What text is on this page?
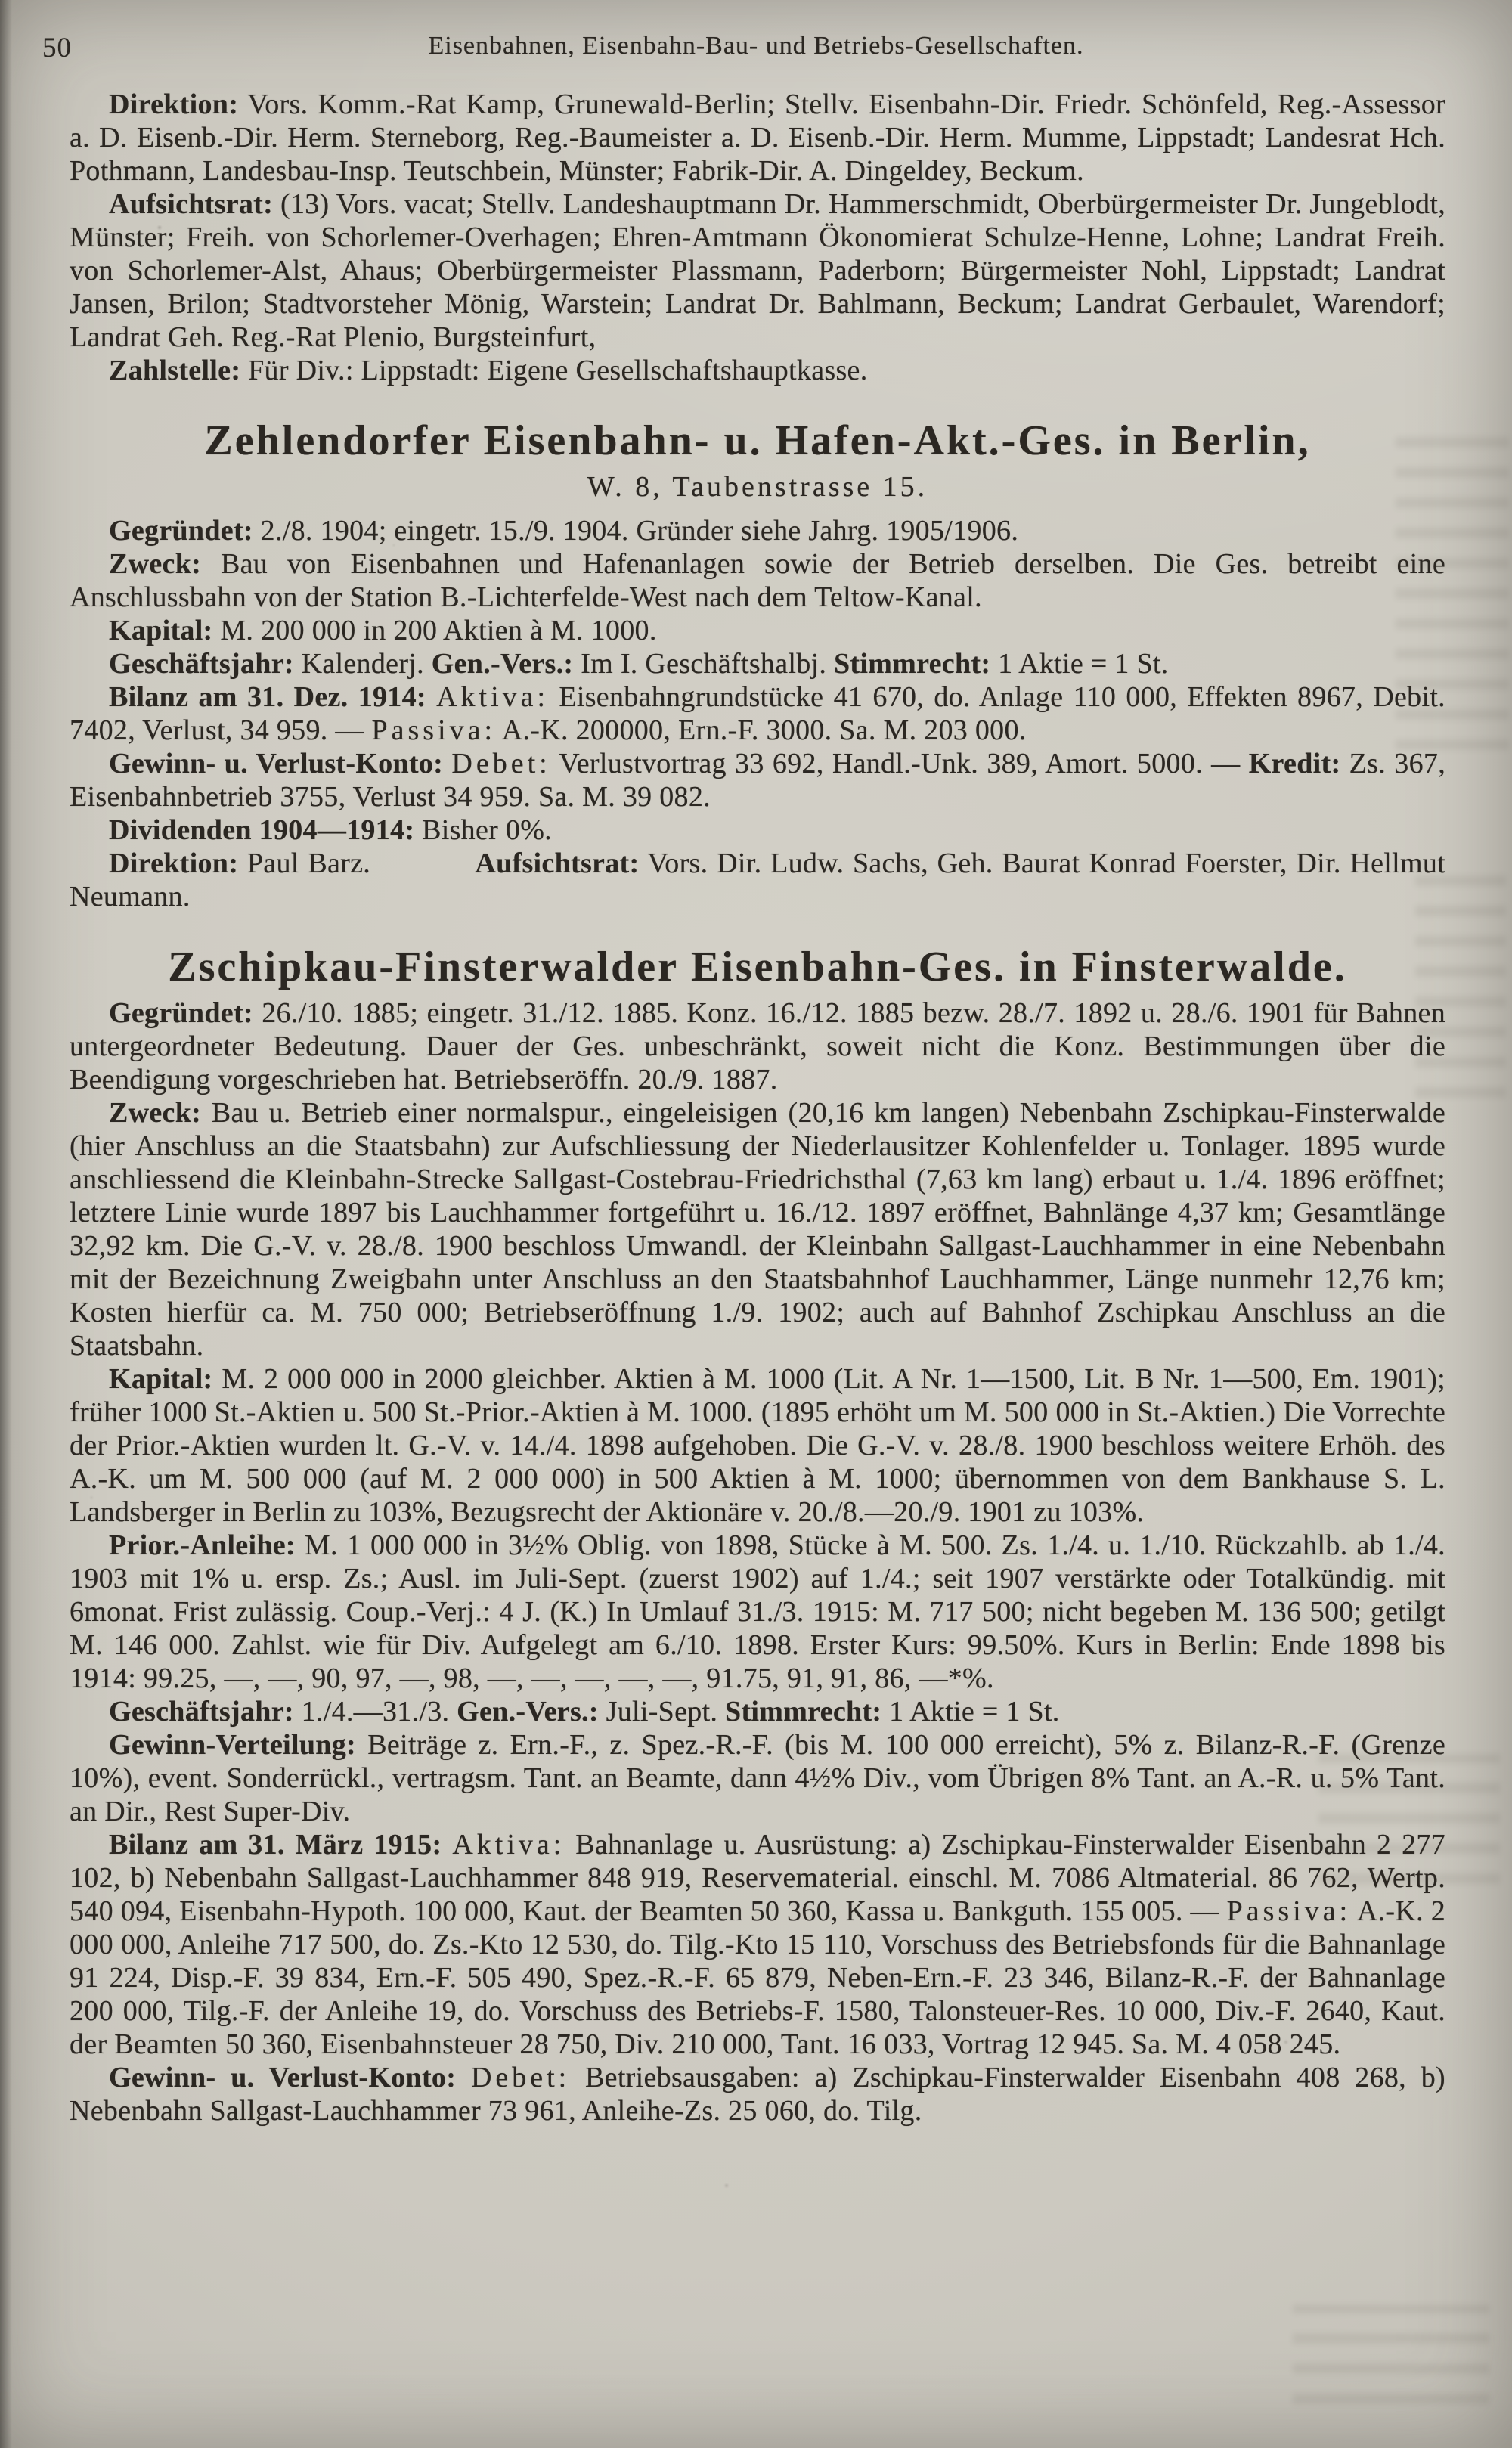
50	Eisenbahnen, Eisenbahn-Bau- und Betriebs-Gesellschaften.

Direktion: Vors. Komm.-Rat Kamp, Grunewald-Berlin; Stellv. Eisenbahn-Dir. Friedr. Schönfeld, Reg.-Assessor a. D. Eisenb.-Dir. Herm. Sterneborg, Reg.-Baumeister a. D. Eisenb.-Dir. Herm. Mumme, Lippstadt; Landesrat Hch. Pothmann, Landesbau-Insp. Teutschbein, Münster; Fabrik-Dir. A. Dingeldey, Beckum.

Aufsichtsrat: (13) Vors. vacat; Stellv. Landeshauptmann Dr. Hammerschmidt, Oberbürgermeister Dr. Jungeblodt, Münster; Freih. von Schorlemer-Overhagen; Ehren-Amtmann Ökonomierat Schulze-Henne, Lohne; Landrat Freih. von Schorlemer-Alst, Ahaus; Oberbürgermeister Plassmann, Paderborn; Bürgermeister Nohl, Lippstadt; Landrat Jansen, Brilon; Stadtvorsteher Mönig, Warstein; Landrat Dr. Bahlmann, Beckum; Landrat Gerbaulet, Warendorf; Landrat Geh. Reg.-Rat Plenio, Burgsteinfurt,

Zahlstelle: Für Div.: Lippstadt: Eigene Gesellschaftshauptkasse.

Zehlendorfer Eisenbahn- u. Hafen-Akt.-Ges. in Berlin,
W. 8, Taubenstrasse 15.

Gegründet: 2./8. 1904; eingetr. 15./9. 1904. Gründer siehe Jahrg. 1905/1906.

Zweck: Bau von Eisenbahnen und Hafenanlagen sowie der Betrieb derselben. Die Ges. betreibt eine Anschlussbahn von der Station B.-Lichterfelde-West nach dem Teltow-Kanal.

Kapital: M. 200 000 in 200 Aktien à M. 1000.

Geschäftsjahr: Kalenderj. Gen.-Vers.: Im I. Geschäftshalbj. Stimmrecht: 1 Aktie = 1 St.

Bilanz am 31. Dez. 1914: Aktiva: Eisenbahngrundstücke 41 670, do. Anlage 110 000, Effekten 8967, Debit. 7402, Verlust, 34 959. — Passiva: A.-K. 200000, Ern.-F. 3000. Sa. M. 203 000.

Gewinn- u. Verlust-Konto: Debet: Verlustvortrag 33 692, Handl.-Unk. 389, Amort. 5000. — Kredit: Zs. 367, Eisenbahnbetrieb 3755, Verlust 34 959. Sa. M. 39 082.

Dividenden 1904—1914: Bisher 0%.

Direktion: Paul Barz.     Aufsichtsrat: Vors. Dir. Ludw. Sachs, Geh. Baurat Konrad Foerster, Dir. Hellmut Neumann.

Zschipkau-Finsterwalder Eisenbahn-Ges. in Finsterwalde.

Gegründet: 26./10. 1885; eingetr. 31./12. 1885. Konz. 16./12. 1885 bezw. 28./7. 1892 u. 28./6. 1901 für Bahnen untergeordneter Bedeutung. Dauer der Ges. unbeschränkt, soweit nicht die Konz. Bestimmungen über die Beendigung vorgeschrieben hat. Betriebseröffn. 20./9. 1887.

Zweck: Bau u. Betrieb einer normalspur., eingeleisigen (20,16 km langen) Nebenbahn Zschipkau-Finsterwalde (hier Anschluss an die Staatsbahn) zur Aufschliessung der Niederlausitzer Kohlenfelder u. Tonlager. 1895 wurde anschliessend die Kleinbahn-Strecke Sallgast-Costebrau-Friedrichsthal (7,63 km lang) erbaut u. 1./4. 1896 eröffnet; letztere Linie wurde 1897 bis Lauchhammer fortgeführt u. 16./12. 1897 eröffnet, Bahnlänge 4,37 km; Gesamtlänge 32,92 km. Die G.-V. v. 28./8. 1900 beschloss Umwandl. der Kleinbahn Sallgast-Lauchhammer in eine Nebenbahn mit der Bezeichnung Zweigbahn unter Anschluss an den Staatsbahnhof Lauchhammer, Länge nunmehr 12,76 km; Kosten hierfür ca. M. 750 000; Betriebseröffnung 1./9. 1902; auch auf Bahnhof Zschipkau Anschluss an die Staatsbahn.

Kapital: M. 2 000 000 in 2000 gleichber. Aktien à M. 1000 (Lit. A Nr. 1—1500, Lit. B Nr. 1—500, Em. 1901); früher 1000 St.-Aktien u. 500 St.-Prior.-Aktien à M. 1000. (1895 erhöht um M. 500 000 in St.-Aktien.) Die Vorrechte der Prior.-Aktien wurden lt. G.-V. v. 14./4. 1898 aufgehoben. Die G.-V. v. 28./8. 1900 beschloss weitere Erhöh. des A.-K. um M. 500 000 (auf M. 2 000 000) in 500 Aktien à M. 1000; übernommen von dem Bankhause S. L. Landsberger in Berlin zu 103%, Bezugsrecht der Aktionäre v. 20./8.—20./9. 1901 zu 103%.

Prior.-Anleihe: M. 1 000 000 in 3½% Oblig. von 1898, Stücke à M. 500. Zs. 1./4. u. 1./10. Rückzahlb. ab 1./4. 1903 mit 1% u. ersp. Zs.; Ausl. im Juli-Sept. (zuerst 1902) auf 1./4.; seit 1907 verstärkte oder Totalkündig. mit 6monat. Frist zulässig. Coup.-Verj.: 4 J. (K.) In Umlauf 31./3. 1915: M. 717 500; nicht begeben M. 136 500; getilgt M. 146 000. Zahlst. wie für Div. Aufgelegt am 6./10. 1898. Erster Kurs: 99.50%. Kurs in Berlin: Ende 1898 bis 1914: 99.25, —, —, 90, 97, —, 98, —, —, —, —, —, 91.75, 91, 91, 86, —*%.

Geschäftsjahr: 1./4.—31./3. Gen.-Vers.: Juli-Sept. Stimmrecht: 1 Aktie = 1 St.

Gewinn-Verteilung: Beiträge z. Ern.-F., z. Spez.-R.-F. (bis M. 100 000 erreicht), 5% z. Bilanz-R.-F. (Grenze 10%), event. Sonderrückl., vertragsm. Tant. an Beamte, dann 4½% Div., vom Übrigen 8% Tant. an A.-R. u. 5% Tant. an Dir., Rest Super-Div.

Bilanz am 31. März 1915: Aktiva: Bahnanlage u. Ausrüstung: a) Zschipkau-Finsterwalder Eisenbahn 2 277 102, b) Nebenbahn Sallgast-Lauchhammer 848 919, Reservematerial. einschl. M. 7086 Altmaterial. 86 762, Wertp. 540 094, Eisenbahn-Hypoth. 100 000, Kaut. der Beamten 50 360, Kassa u. Bankguth. 155 005. — Passiva: A.-K. 2 000 000, Anleihe 717 500, do. Zs.-Kto 12 530, do. Tilg.-Kto 15 110, Vorschuss des Betriebsfonds für die Bahnanlage 91 224, Disp.-F. 39 834, Ern.-F. 505 490, Spez.-R.-F. 65 879, Neben-Ern.-F. 23 346, Bilanz-R.-F. der Bahnanlage 200 000, Tilg.-F. der Anleihe 19, do. Vorschuss des Betriebs-F. 1580, Talonsteuer-Res. 10 000, Div.-F. 2640, Kaut. der Beamten 50 360, Eisenbahnsteuer 28 750, Div. 210 000, Tant. 16 033, Vortrag 12 945. Sa. M. 4 058 245.

Gewinn- u. Verlust-Konto: Debet: Betriebsausgaben: a) Zschipkau-Finsterwalder Eisenbahn 408 268, b) Nebenbahn Sallgast-Lauchhammer 73 961, Anleihe-Zs. 25 060, do. Tilg.
